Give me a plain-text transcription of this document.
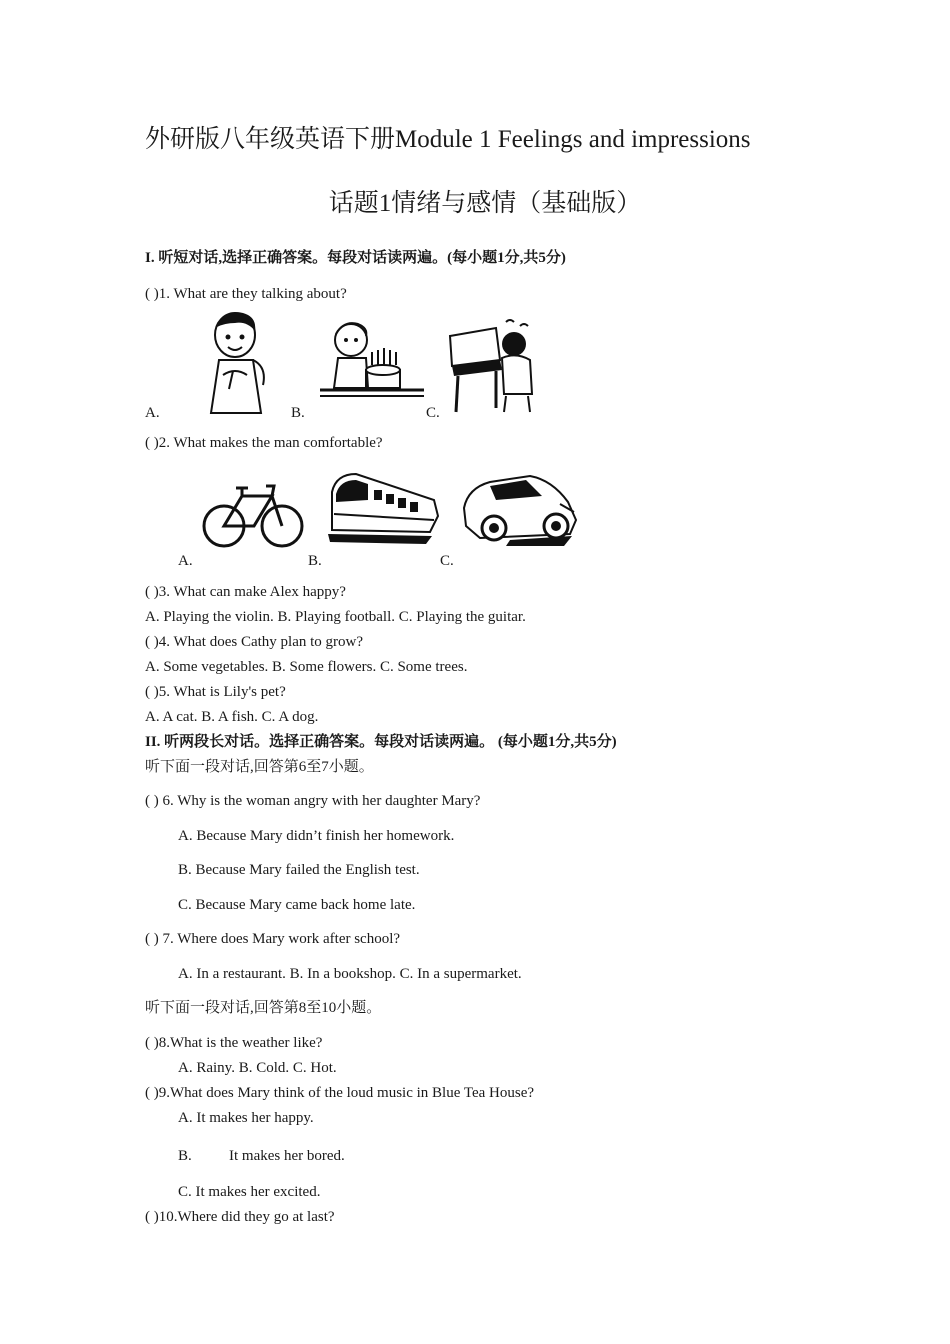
外研版八年级英语下册Module 1 Feelings and impressions
话题1情绪与感情（基础版）
I. 听短对话,选择正确答案。每段对话读两遍。(每小题1分,共5分)
( )1. What are they talking about?
A.	B.	C.
( )2. What makes the man comfortable?
A.	B.	C.
( )3. What can make Alex happy?
A. Playing the violin. B. Playing football. C. Playing the guitar.
( )4. What does Cathy plan to grow?
A. Some vegetables. B. Some flowers. C. Some trees.
( )5. What is Lily's pet?
A. A cat. B. A fish. C. A dog.
II. 听两段长对话。选择正确答案。每段对话读两遍。 (每小题1分,共5分)
听下面一段对话,回答第6至7小题。
( ) 6. Why is the woman angry with her daughter Mary?
A. Because Mary didn’t finish her homework.
B. Because Mary failed the English test.
C. Because Mary came back home late.
( ) 7. Where does Mary work after school?
A. In a restaurant. B. In a bookshop. C. In a supermarket.
听下面一段对话,回答第8至10小题。
( )8.What is the weather like?
A. Rainy. B. Cold. C. Hot.
( )9.What does Mary think of the loud music in Blue Tea House?
A. It makes her happy.
B. It makes her bored.
C. It makes her excited.
( )10.Where did they go at last?
